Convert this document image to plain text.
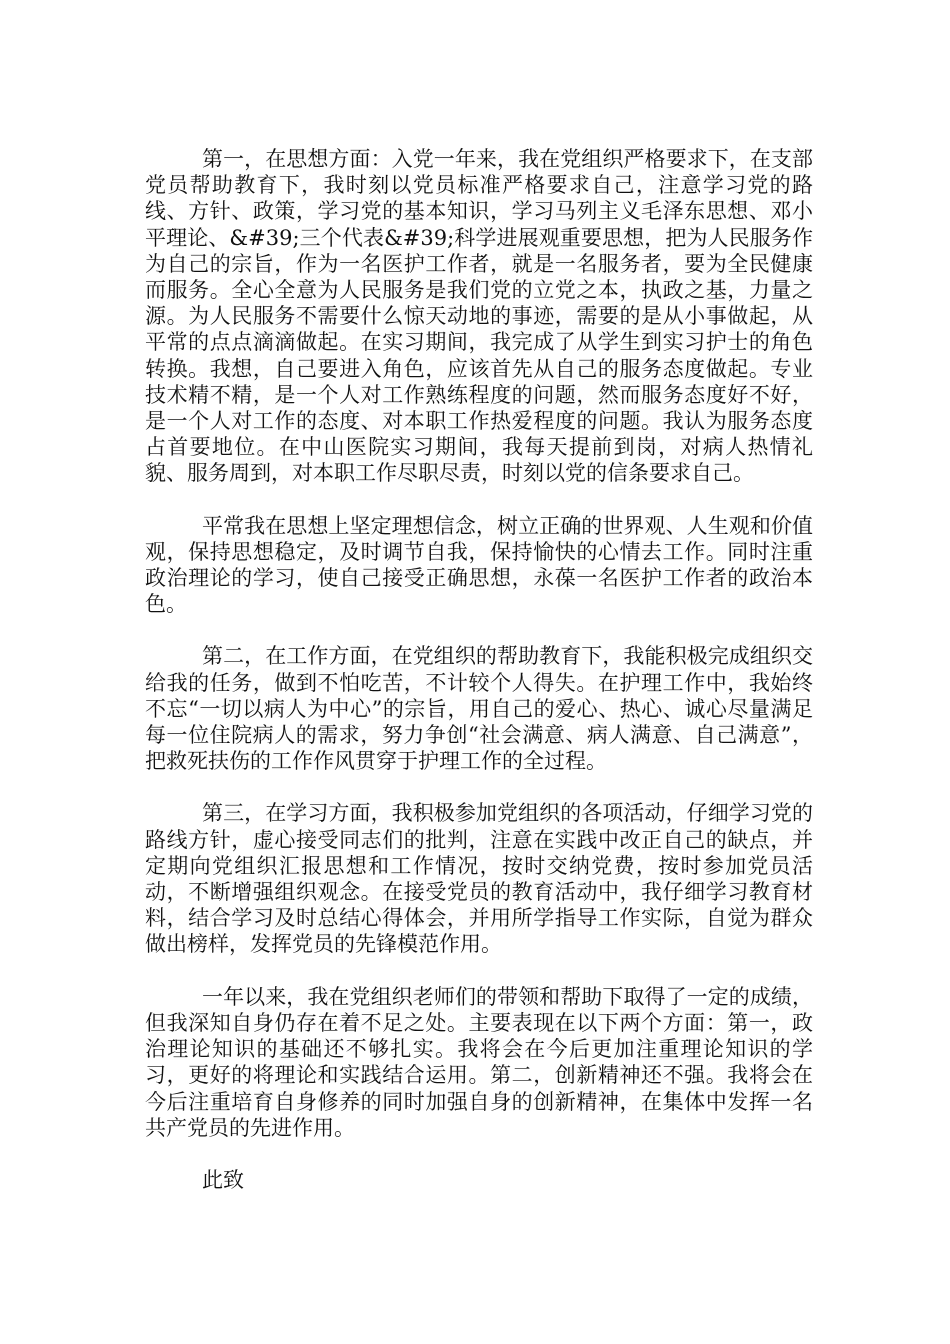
第一，在思想方面：入党一年来，我在党组织严格要求下，在支部党员帮助教育下，我时刻以党员标准严格要求自己，注意学习党的路线、方针、政策，学习党的基本知识，学习马列主义毛泽东思想、邓小平理论、&#39;三个代表&#39;科学进展观重要思想，把为人民服务作为自己的宗旨，作为一名医护工作者，就是一名服务者，要为全民健康而服务。全心全意为人民服务是我们党的立党之本，执政之基，力量之源。为人民服务不需要什么惊天动地的事迹，需要的是从小事做起，从平常的点点滴滴做起。在实习期间，我完成了从学生到实习护士的角色转换。我想，自己要进入角色，应该首先从自己的服务态度做起。专业技术精不精，是一个人对工作熟练程度的问题，然而服务态度好不好，是一个人对工作的态度、对本职工作热爱程度的问题。我认为服务态度占首要地位。在中山医院实习期间，我每天提前到岗，对病人热情礼貌、服务周到，对本职工作尽职尽责，时刻以党的信条要求自己。

平常我在思想上坚定理想信念，树立正确的世界观、人生观和价值观，保持思想稳定，及时调节自我，保持愉快的心情去工作。同时注重政治理论的学习，使自己接受正确思想，永葆一名医护工作者的政治本色。

第二，在工作方面，在党组织的帮助教育下，我能积极完成组织交给我的任务，做到不怕吃苦，不计较个人得失。在护理工作中，我始终不忘“一切以病人为中心”的宗旨，用自己的爱心、热心、诚心尽量满足每一位住院病人的需求，努力争创“社会满意、病人满意、自己满意”，把救死扶伤的工作作风贯穿于护理工作的全过程。

第三，在学习方面，我积极参加党组织的各项活动，仔细学习党的路线方针，虚心接受同志们的批判，注意在实践中改正自己的缺点，并定期向党组织汇报思想和工作情况，按时交纳党费，按时参加党员活动，不断增强组织观念。在接受党员的教育活动中，我仔细学习教育材料，结合学习及时总结心得体会，并用所学指导工作实际，自觉为群众做出榜样，发挥党员的先锋模范作用。

一年以来，我在党组织老师们的带领和帮助下取得了一定的成绩，但我深知自身仍存在着不足之处。主要表现在以下两个方面：第一，政治理论知识的基础还不够扎实。我将会在今后更加注重理论知识的学习，更好的将理论和实践结合运用。第二，创新精神还不强。我将会在今后注重培育自身修养的同时加强自身的创新精神，在集体中发挥一名共产党员的先进作用。

此致
